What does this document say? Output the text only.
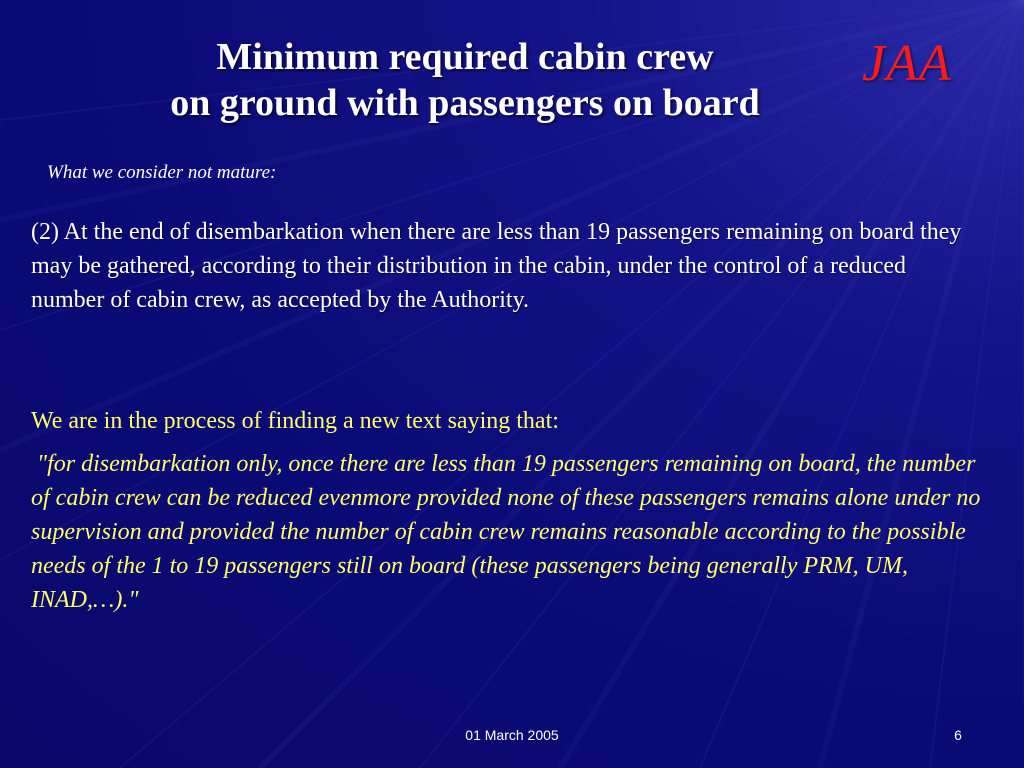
Minimum required cabin crew
on ground with passengers on board
JAA
What we consider not mature:
(2) At the end of disembarkation when there are less than 19 passengers remaining on board they may be gathered, according to their distribution in the cabin, under the control of a reduced number of cabin crew, as accepted by the Authority.
We are in the process of finding a new text saying that:
"for disembarkation only, once there are less than 19 passengers remaining on board, the number of cabin crew can be reduced evenmore provided none of these passengers remains alone under no supervision and provided the number of cabin crew remains reasonable according to the possible needs of the 1 to 19 passengers still on board (these passengers being generally PRM, UM, INAD,…)."
01 March 2005	6
